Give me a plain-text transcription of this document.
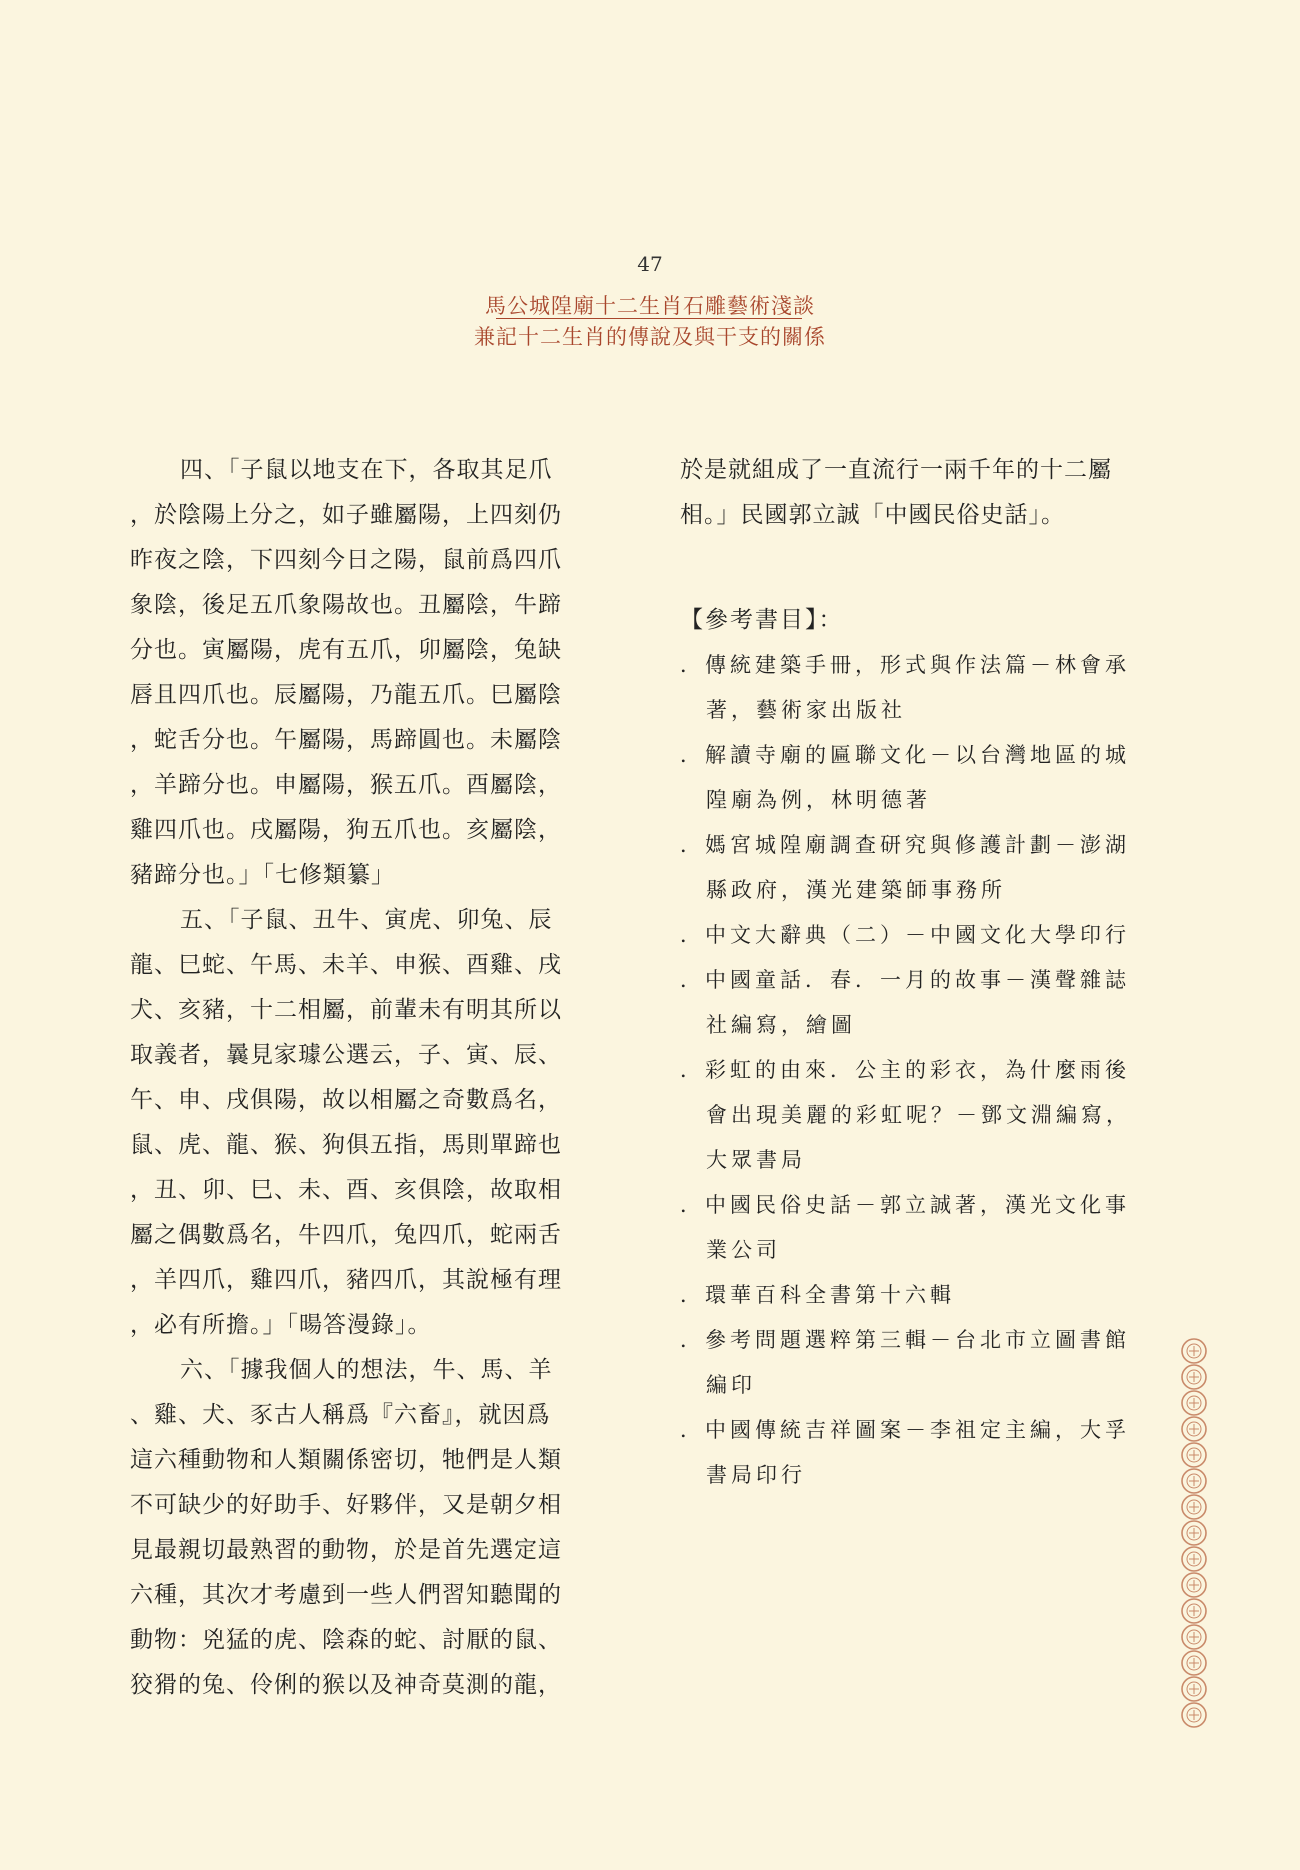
47
馬公城隍廟十二生肖石雕藝術淺談
兼記十二生肖的傳說及與干支的關係
四、「子鼠以地支在下，各取其足爪
，於陰陽上分之，如子雖屬陽，上四刻仍
昨夜之陰，下四刻今日之陽，鼠前爲四爪
象陰，後足五爪象陽故也。丑屬陰，牛蹄
分也。寅屬陽，虎有五爪，卯屬陰，兔缺
唇且四爪也。辰屬陽，乃龍五爪。巳屬陰
，蛇舌分也。午屬陽，馬蹄圓也。未屬陰
，羊蹄分也。申屬陽，猴五爪。酉屬陰，
雞四爪也。戌屬陽，狗五爪也。亥屬陰，
豬蹄分也。」「七修類纂」
五、「子鼠、丑牛、寅虎、卯兔、辰
龍、巳蛇、午馬、未羊、申猴、酉雞、戌
犬、亥豬，十二相屬，前輩未有明其所以
取義者，曩見家璩公選云，子、寅、辰、
午、申、戌俱陽，故以相屬之奇數爲名，
鼠、虎、龍、猴、狗俱五指，馬則單蹄也
，丑、卯、巳、未、酉、亥俱陰，故取相
屬之偶數爲名，牛四爪，兔四爪，蛇兩舌
，羊四爪，雞四爪，豬四爪，其說極有理
，必有所擔。」「暘答漫錄」。
六、「據我個人的想法，牛、馬、羊
、雞、犬、豕古人稱爲『六畜』，就因爲
這六種動物和人類關係密切，牠們是人類
不可缺少的好助手、好夥伴，又是朝夕相
見最親切最熟習的動物，於是首先選定這
六種，其次才考慮到一些人們習知聽聞的
動物：兇猛的虎、陰森的蛇、討厭的鼠、
狡猾的兔、伶俐的猴以及神奇莫測的龍，
於是就組成了一直流行一兩千年的十二屬
相。」民國郭立誠「中國民俗史話」。
【參考書目】：
．傳統建築手冊，形式與作法篇－林會承
著，藝術家出版社
．解讀寺廟的匾聯文化－以台灣地區的城
隍廟為例，林明德著
．媽宮城隍廟調查研究與修護計劃－澎湖
縣政府，漢光建築師事務所
．中文大辭典（二）－中國文化大學印行
．中國童話．春．一月的故事－漢聲雜誌
社編寫，繪圖
．彩虹的由來．公主的彩衣，為什麼雨後
會出現美麗的彩虹呢？－鄧文淵編寫，
大眾書局
．中國民俗史話－郭立誠著，漢光文化事
業公司
．環華百科全書第十六輯
．參考問題選粹第三輯－台北市立圖書館
編印
．中國傳統吉祥圖案－李祖定主編，大孚
書局印行
